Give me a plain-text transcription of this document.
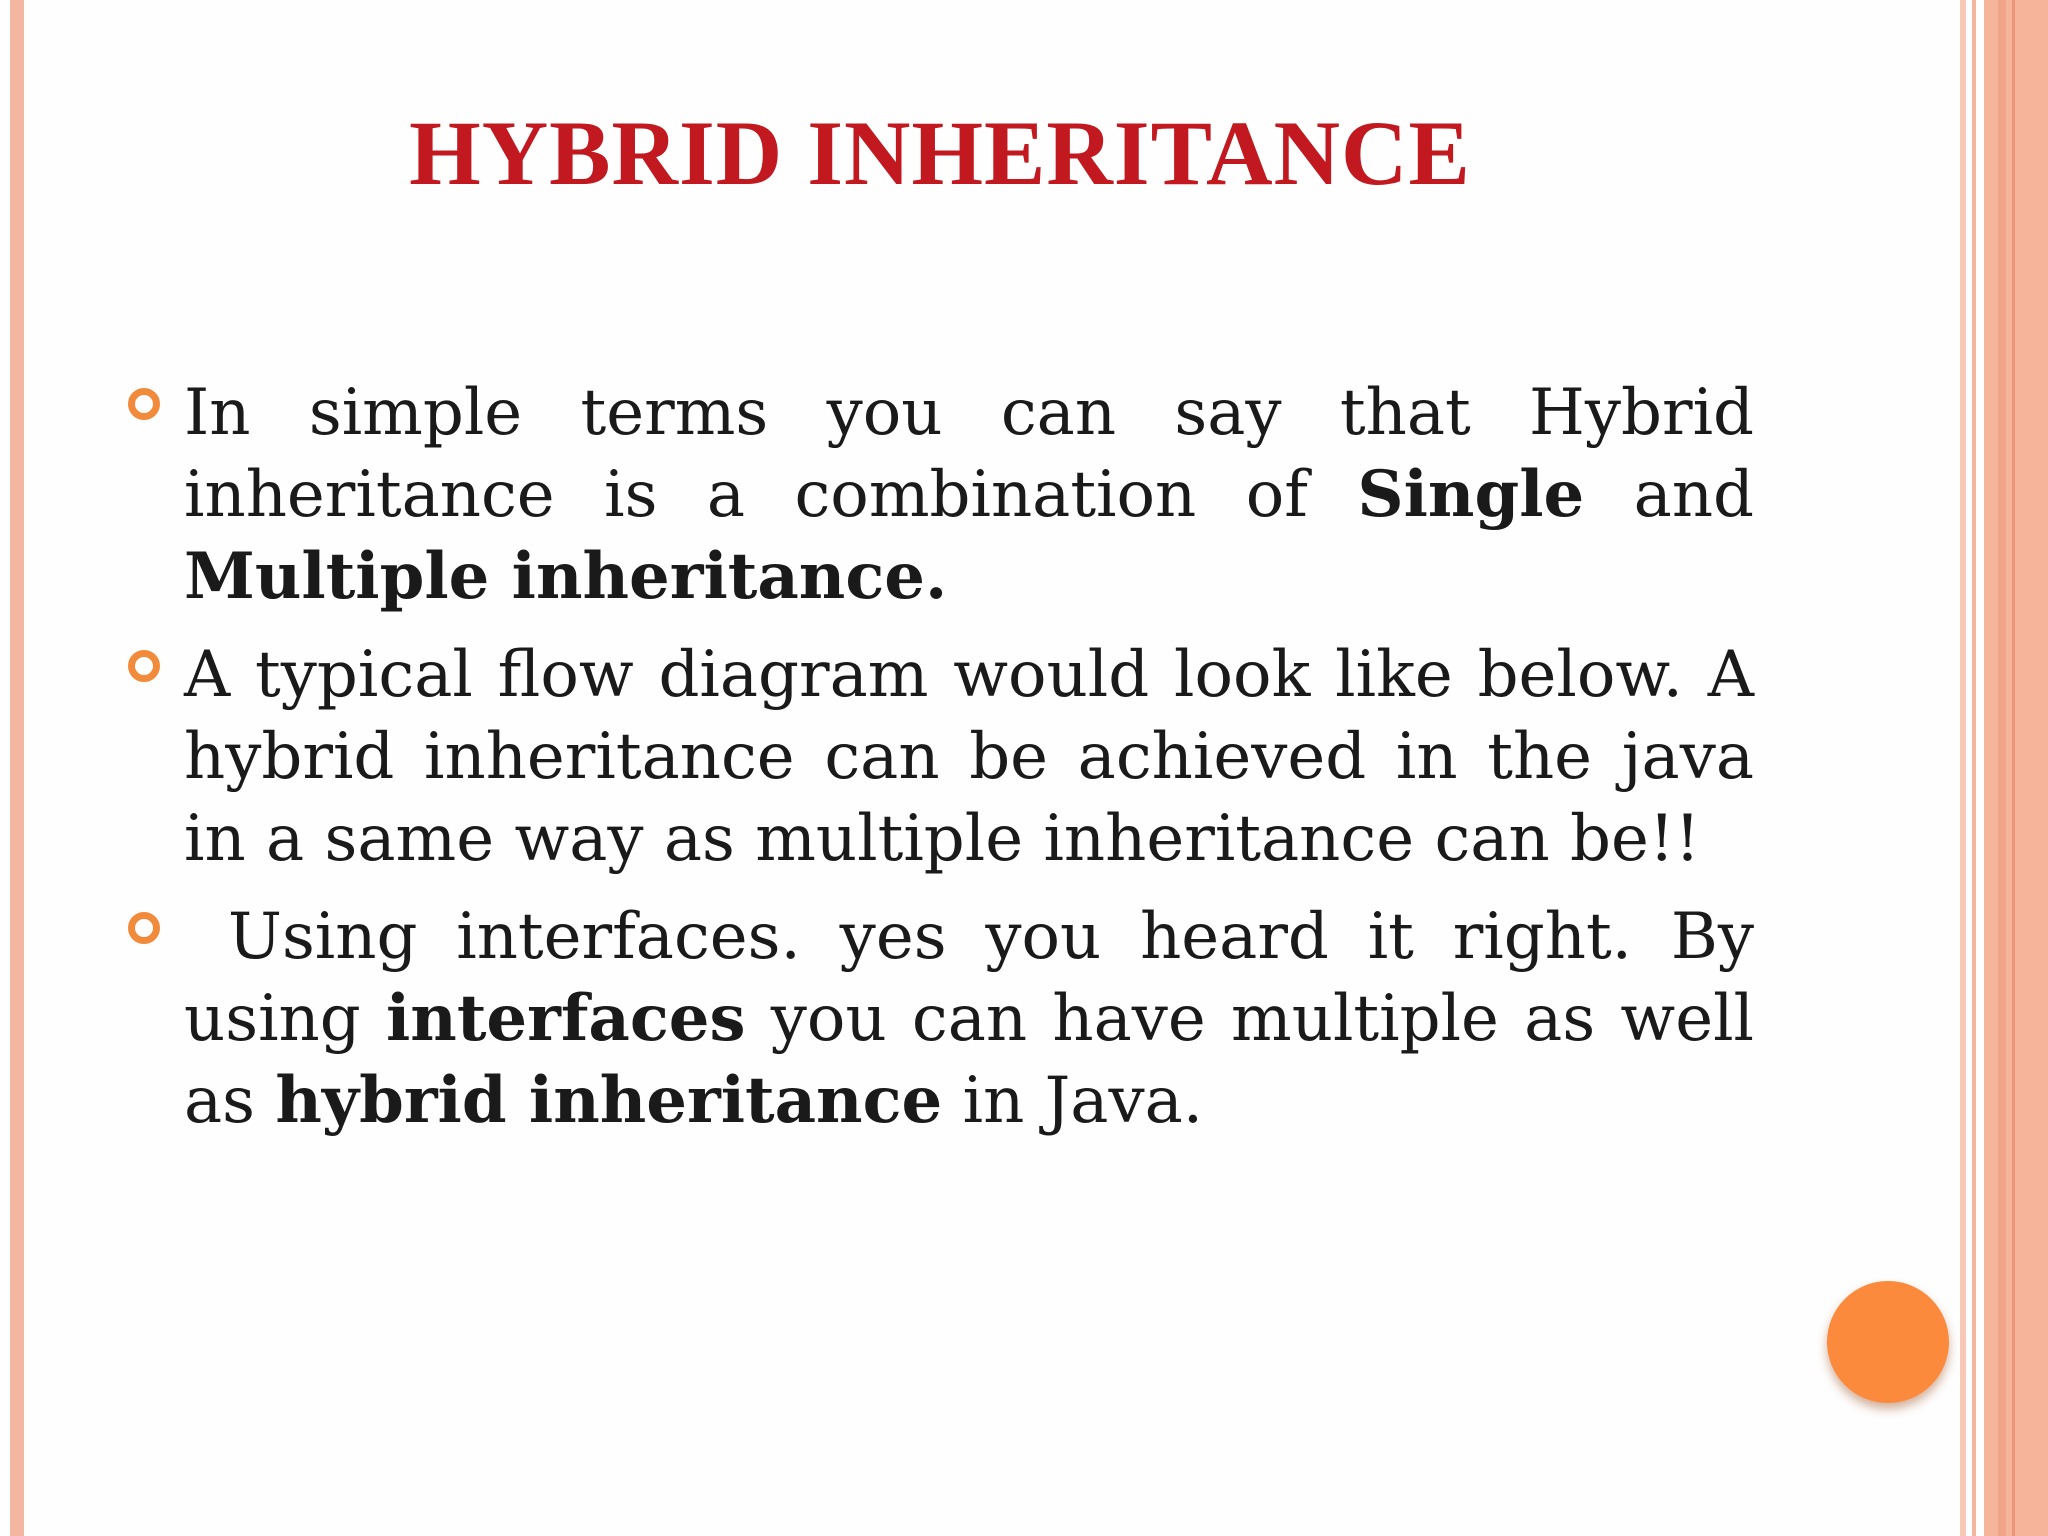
HYBRID INHERITANCE
In simple terms you can say that Hybrid inheritance is a combination of Single and Multiple inheritance.
A typical flow diagram would look like below. A hybrid inheritance can be achieved in the java in a same way as multiple inheritance can be!!
Using interfaces. yes you heard it right. By using interfaces you can have multiple as well as hybrid inheritance in Java.
